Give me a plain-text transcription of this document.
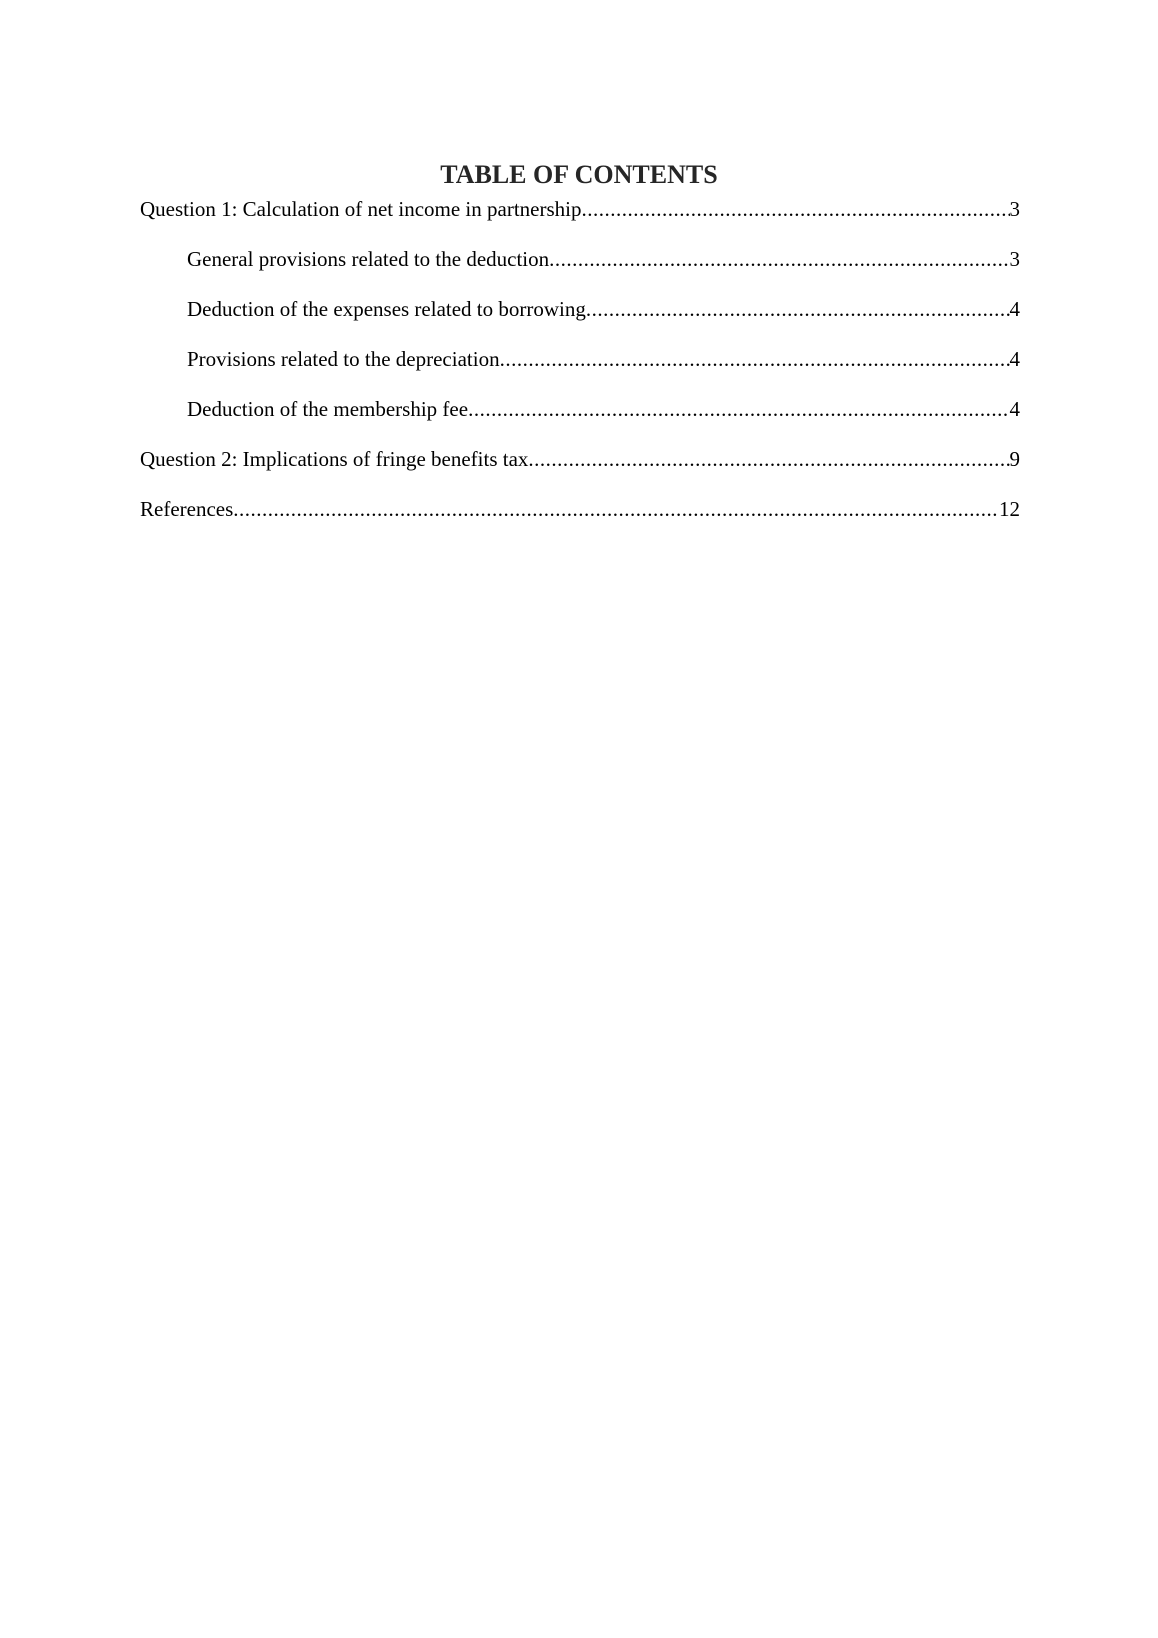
TABLE OF CONTENTS
Question 1: Calculation of net income in partnership .....	3
General provisions related to the deduction .....	3
Deduction of the expenses related to borrowing .....	4
Provisions related to the depreciation .....	4
Deduction of the membership fee .....	4
Question 2: Implications of fringe benefits tax .....	9
References .....	12
